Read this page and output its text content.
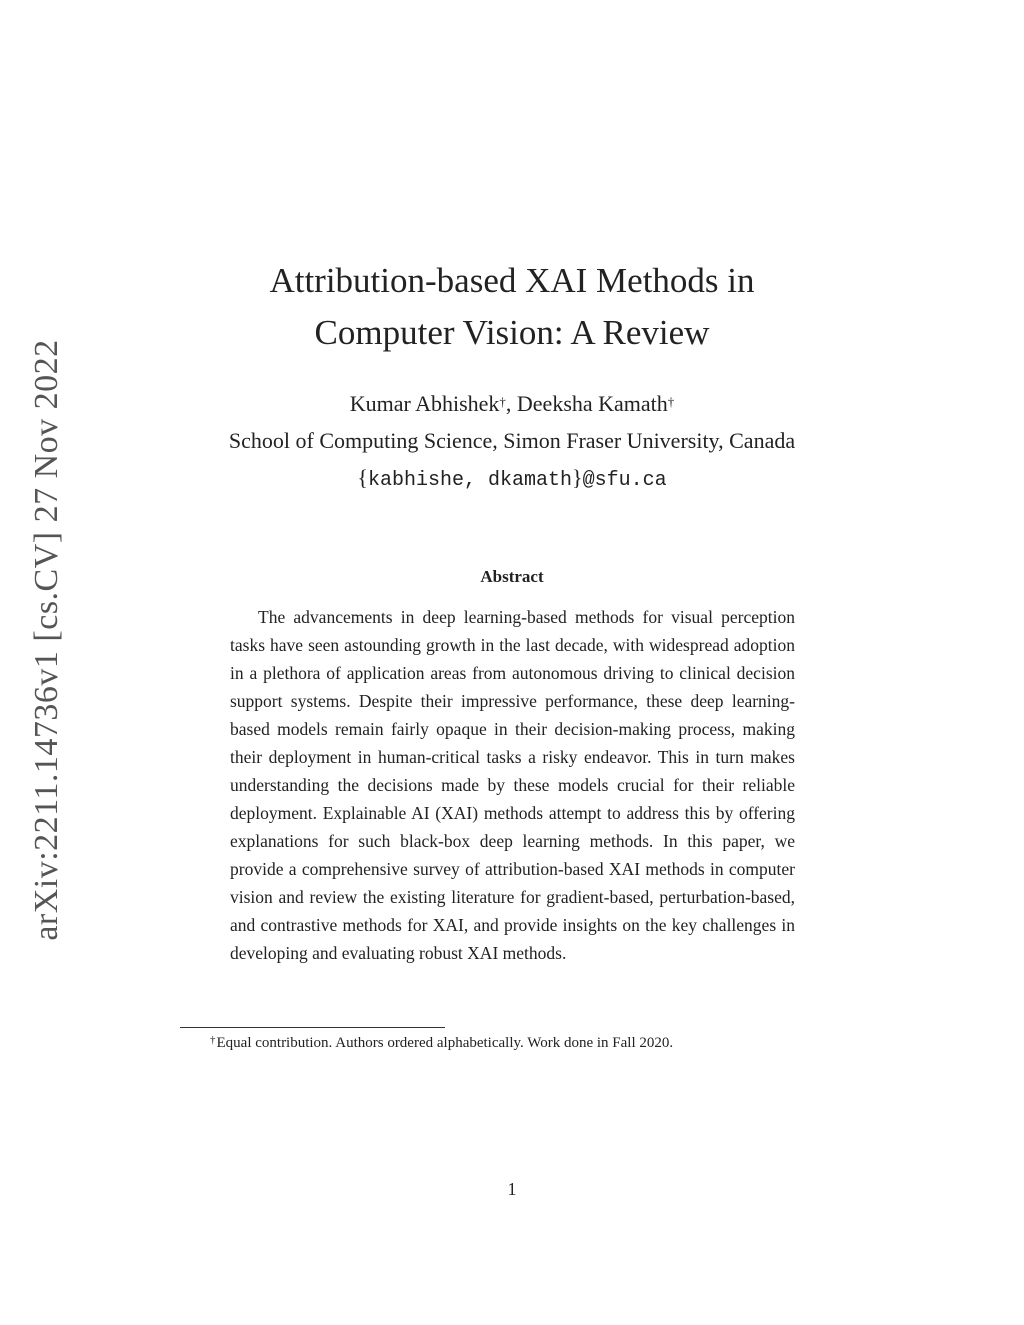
arXiv:2211.14736v1 [cs.CV] 27 Nov 2022
Attribution-based XAI Methods in
Computer Vision: A Review
Kumar Abhishek†, Deeksha Kamath†
School of Computing Science, Simon Fraser University, Canada
{kabhishe, dkamath}@sfu.ca
Abstract

The advancements in deep learning-based methods for visual perception tasks have seen astounding growth in the last decade, with widespread adoption in a plethora of application areas from autonomous driving to clinical decision support systems. Despite their impressive performance, these deep learning-based models remain fairly opaque in their decision-making process, making their deployment in human-critical tasks a risky endeavor. This in turn makes understanding the decisions made by these models crucial for their reliable deployment. Explainable AI (XAI) methods attempt to address this by offering explanations for such black-box deep learning methods. In this paper, we provide a comprehensive survey of attribution-based XAI methods in computer vision and review the existing literature for gradient-based, perturbation-based, and contrastive methods for XAI, and provide insights on the key challenges in developing and evaluating robust XAI methods.

†Equal contribution. Authors ordered alphabetically. Work done in Fall 2020.
1
